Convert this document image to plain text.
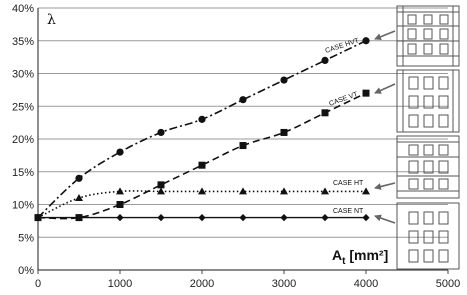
0%
5%
10%
15%
20%
25%
30%
35%
40%
0	1000	2000	3000	4000	5000
CASE HVT
CASE VT
CASE HT
CASE NT
λ
$A_t$ [mm²]
